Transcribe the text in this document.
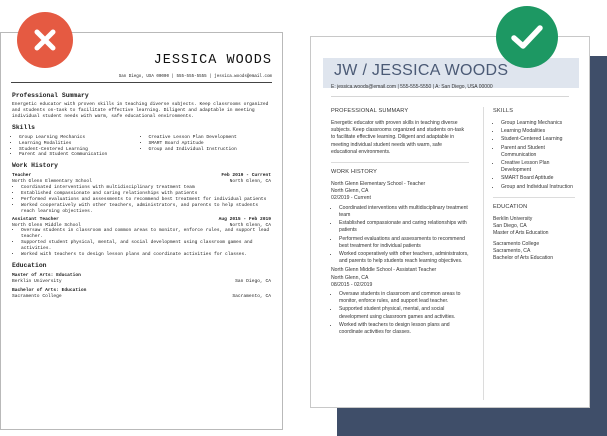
JESSICA WOODS
San Diego, USA 00000 | 555-555-5555 | jessica.woods@email.com
Professional Summary

Energetic educator with proven skills in teaching diverse subjects. Keep classrooms organized and students on-task to facilitate effective learning. Diligent and adaptable in meeting individual student needs with warm, safe educational environments.

Skills
• Group Learning Mechanics
• Learning Modalities
• Student-Centered Learning
• Parent and Student Communication
• Creative Lesson Plan Development
• SMART Board Aptitude
• Group and Individual Instruction
Work History
Teacher	Feb 2019 - Current
North Glenn Elementary School	North Glenn, CA
• Coordinated interventions with multidisciplinary treatment team
• Established compassionate and caring relationships with patients
• Performed evaluations and assessments to recommend best treatment for individual patients
• Worked cooperatively with other teachers, administrators, and parents to help students reach learning objectives.
Assistant Teacher	Aug 2015 - Feb 2019
North Glenn Middle School	North Glenn, CA
• Oversaw students in classroom and common areas to monitor, enforce rules, and support lead teacher.
• Supported student physical, mental, and social development using classroom games and activities.
• Worked with teachers to design lesson plans and coordinate activities for classes.
Education
Master of Arts: Education
Berklin University	San Diego, CA
Bachelor of Arts: Education
Sacramento College	Sacramento, CA
JW / JESSICA WOODS
E: jessica.woods@email.com | 555-555-5550 | A: San Diego, USA 00000
PROFESSIONAL SUMMARY

Energetic educator with proven skills in teaching diverse subjects. Keep classrooms organized and students on-task to facilitate effective learning. Diligent and adaptable in meeting individual student needs with warm, safe educational environments.

WORK HISTORY

North Glenn Elementary School - Teacher

North Glenn, CA

02/2019 - Current

• Coordinated interventions with multidisciplinary treatment team
• Established compassionate and caring relationships with patients
• Performed evaluations and assessments to recommend best treatment for individual patients
• Worked cooperatively with other teachers, administrators, and parents to help students reach learning objectives.

North Glenn Middle School - Assistant Teacher

North Glenn, CA

08/2015 - 02/2019

• Oversaw students in classroom and common areas to monitor, enforce rules, and support lead teacher.
• Supported student physical, mental, and social development using classroom games and activities.
• Worked with teachers to design lesson plans and coordinate activities for classes.
SKILLS
• Group Learning Mechanics
• Learning Modalities
• Student-Centered Learning
• Parent and Student Communication
• Creative Lesson Plan Development
• SMART Board Aptitude
• Group and Individual Instruction
EDUCATION

Berklin University

San Diego, CA

Master of Arts Education

Sacramento College

Sacramento, CA

Bachelor of Arts Education
